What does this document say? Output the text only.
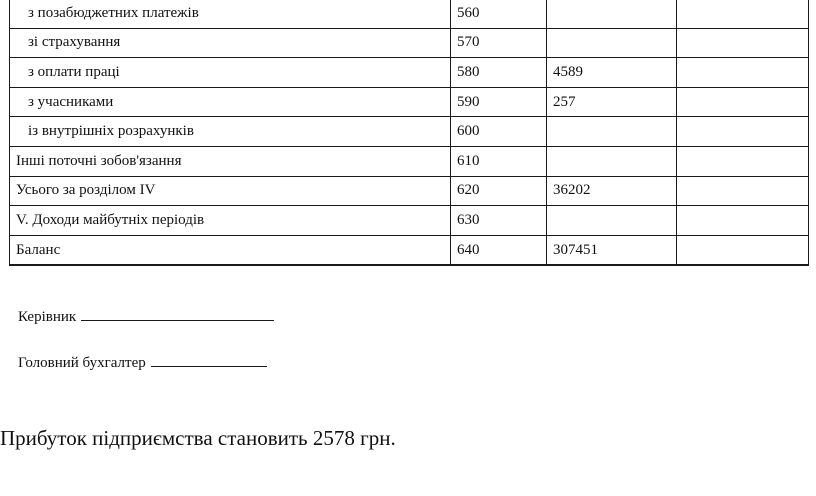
з позабюджетних платежів	560		
зі страхування	570		
з оплати праці	580	4589	
з учасниками	590	257	
із внутрішніх розрахунків	600		
Інші поточні зобов'язання	610		
Усього за розділом IV	620	36202	
V. Доходи майбутніх періодів	630		
Баланс	640	307451	
Керівник
Головний бухгалтер
Прибуток підприємства становить 2578 грн.
